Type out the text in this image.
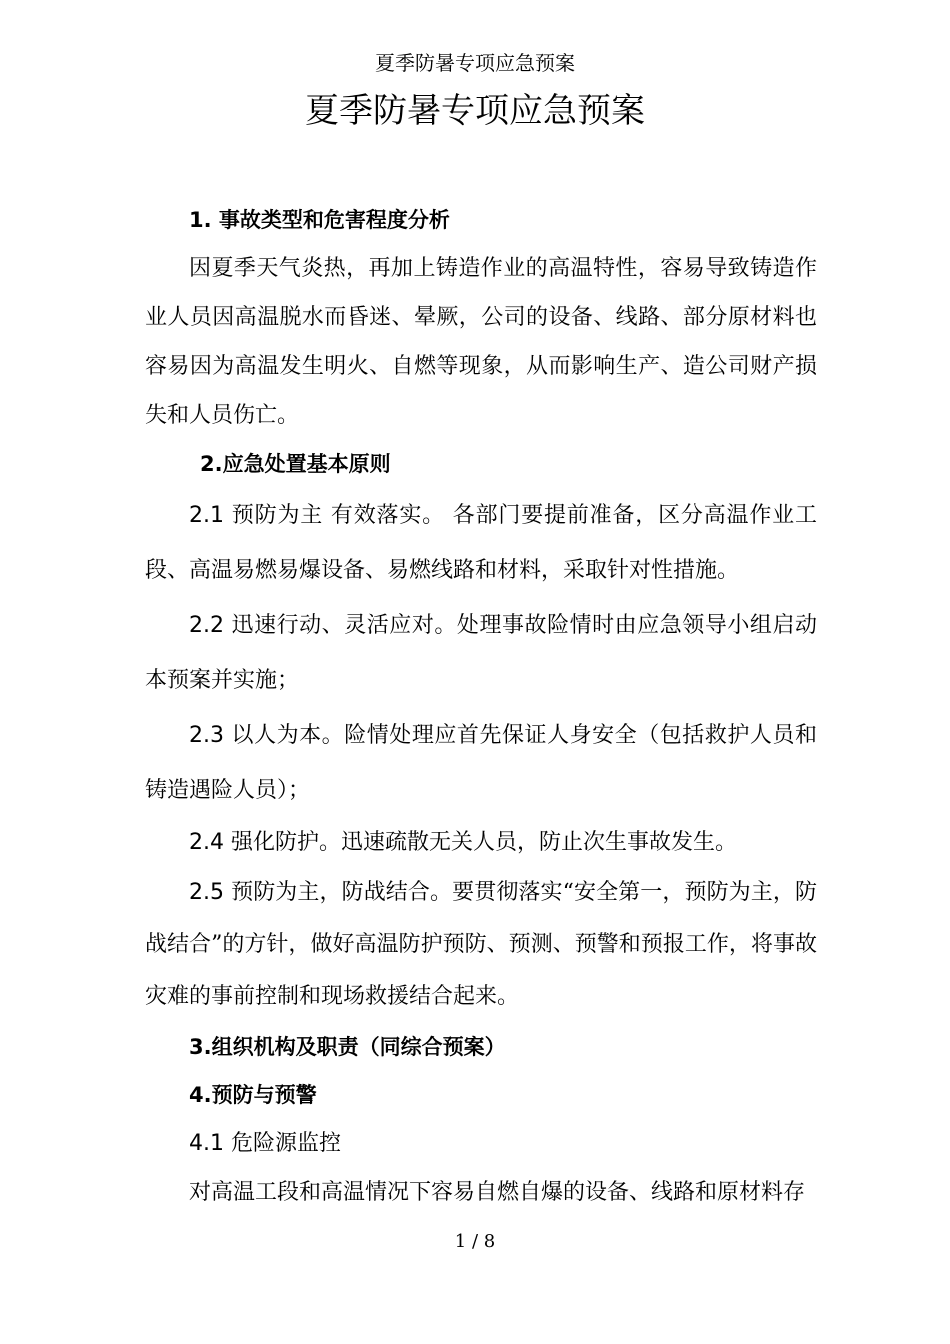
夏季防暑专项应急预案
夏季防暑专项应急预案

1. 事故类型和危害程度分析

因夏季天气炎热，再加上铸造作业的高温特性，容易导致铸造作业人员因高温脱水而昏迷、晕厥，公司的设备、线路、部分原材料也容易因为高温发生明火、自燃等现象，从而影响生产、造公司财产损失和人员伤亡。

2.应急处置基本原则

2.1 预防为主 有效落实。 各部门要提前准备，区分高温作业工段、高温易燃易爆设备、易燃线路和材料，采取针对性措施。

2.2 迅速行动、灵活应对。处理事故险情时由应急领导小组启动本预案并实施；

2.3 以人为本。险情处理应首先保证人身安全（包括救护人员和铸造遇险人员）；

2.4 强化防护。迅速疏散无关人员，防止次生事故发生。

2.5 预防为主，防战结合。要贯彻落实“安全第一，预防为主，防战结合”的方针，做好高温防护预防、预测、预警和预报工作，将事故灾难的事前控制和现场救援结合起来。

3.组织机构及职责（同综合预案）

4.预防与预警

4.1 危险源监控

对高温工段和高温情况下容易自燃自爆的设备、线路和原材料存

1 / 8
